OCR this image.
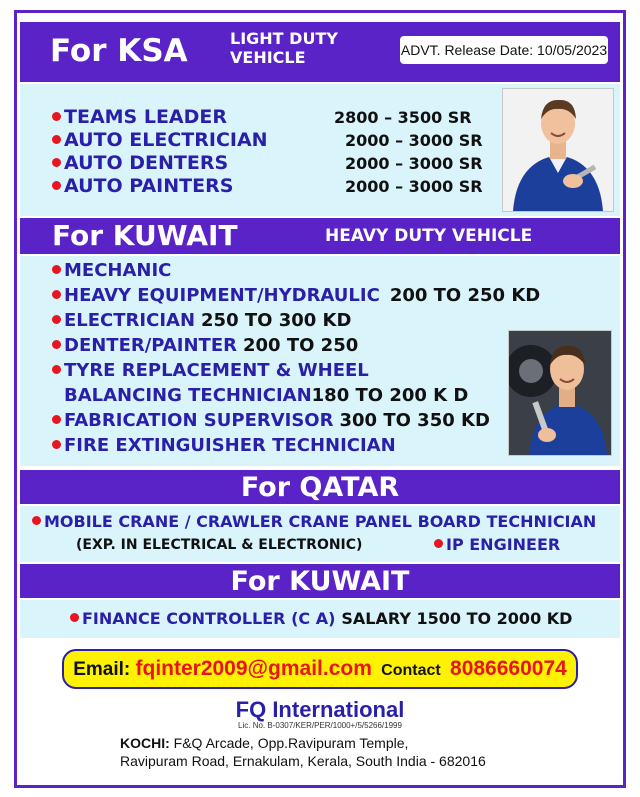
For KSA	LIGHT DUTY
VEHICLE	ADVT. Release Date: 10/05/2023
TEAMS LEADER	2800 – 3500 SR
AUTO ELECTRICIAN	2000 – 3000 SR
AUTO DENTERS	2000 – 3000 SR
AUTO PAINTERS	2000 – 3000 SR
For KUWAIT	HEAVY DUTY VEHICLE
MECHANIC
HEAVY EQUIPMENT/HYDRAULIC 200 TO 250 KD
ELECTRICIAN 250 TO 300 KD
DENTER/PAINTER 200 TO 250
TYRE REPLACEMENT & WHEEL
BALANCING TECHNICIAN180 TO 200 K D
FABRICATION SUPERVISOR 300 TO 350 KD
FIRE EXTINGUISHER TECHNICIAN
For QATAR
MOBILE CRANE / CRAWLER CRANE PANEL BOARD TECHNICIAN
(EXP. IN ELECTRICAL & ELECTRONIC)	IP ENGINEER
For KUWAIT
FINANCE CONTROLLER (C A) SALARY 1500 TO 2000 KD
Email: fqinter2009@gmail.com Contact 8086660074
FQ International
Lic. No. B-0307/KER/PER/1000+/5/5266/1999
KOCHI: F&Q Arcade, Opp.Ravipuram Temple,
Ravipuram Road, Ernakulam, Kerala, South India - 682016
